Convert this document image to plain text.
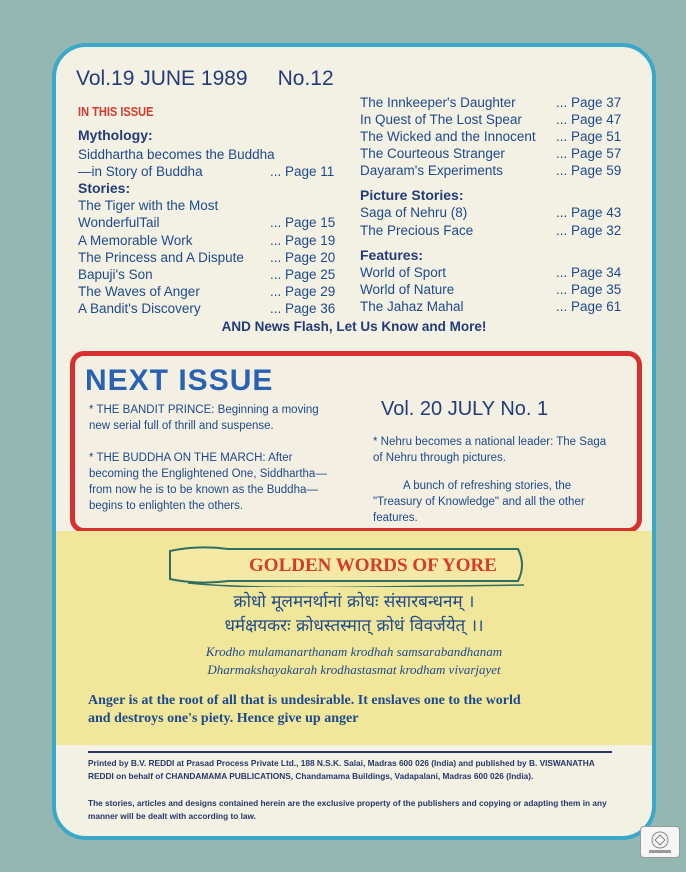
Vol.19 JUNE 1989 No.12
IN THIS ISSUE
Mythology:
Siddhartha becomes the Buddha
—in Story of Buddha	... Page 11
Stories:
The Tiger with the Most
WonderfulTail	... Page 15
A Memorable Work	... Page 19
The Princess and A Dispute ... Page 20
Bapuji's Son	... Page 25
The Waves of Anger	... Page 29
A Bandit's Discovery	... Page 36
The Innkeeper's Daughter	... Page 37
In Quest of The Lost Spear	... Page 47
The Wicked and the Innocent ... Page 51
The Courteous Stranger	... Page 57
Dayaram's Experiments	... Page 59
Picture Stories:
Saga of Nehru (8)	... Page 43
The Precious Face	... Page 32
Features:
World of Sport	... Page 34
World of Nature	... Page 35
The Jahaz Mahal	... Page 61
AND News Flash, Let Us Know and More!
NEXT ISSUE
* THE BANDIT PRINCE: Beginning a moving new serial full of thrill and suspense.
* THE BUDDHA ON THE MARCH: After becoming the Englightened One, Siddhartha—from now he is to be known as the Buddha—begins to enlighten the others.
Vol. 20 JULY No. 1
* Nehru becomes a national leader: The Saga of Nehru through pictures.
A bunch of refreshing stories, the "Treasury of Knowledge" and all the other features.
GOLDEN WORDS OF YORE
क्रोधो मूलमनर्थानां क्रोधः संसारबन्धनम् ।
धर्मक्षयकरः क्रोधस्तस्मात् क्रोधं विवर्जयेत् ।।
Krodho mulamanarthanam krodhah samsarabandhanam
Dharmakshayakarah krodhastasmat krodham vivarjayet
Anger is at the root of all that is undesirable. It enslaves one to the world
and destroys one's piety. Hence give up anger
Printed by B.V. REDDI at Prasad Process Private Ltd., 188 N.S.K. Salai, Madras 600 026 (India) and published by B. VISWANATHA REDDI on behalf of CHANDAMAMA PUBLICATIONS, Chandamama Buildings, Vadapalani, Madras 600 026 (India).
The stories, articles and designs contained herein are the exclusive property of the publishers and copying or adapting them in any manner will be dealt with according to law.
